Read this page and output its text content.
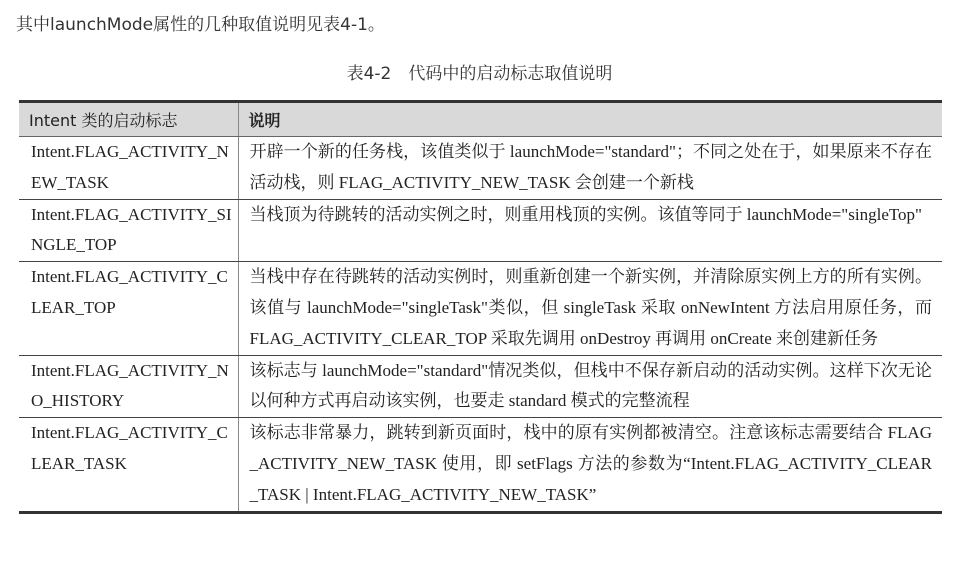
其中launchMode属性的几种取值说明见表4-1。
表4-2　代码中的启动标志取值说明
Intent 类的启动标志	说明
Intent.FLAG_ACTIVITY_NEW_TASK	开辟一个新的任务栈，该值类似于 launchMode="standard"；不同之处在于，如果原来不存在活动栈，则 FLAG_ACTIVITY_NEW_TASK 会创建一个新栈
Intent.FLAG_ACTIVITY_SINGLE_TOP	当栈顶为待跳转的活动实例之时，则重用栈顶的实例。该值等同于 launchMode="singleTop"
Intent.FLAG_ACTIVITY_CLEAR_TOP	当栈中存在待跳转的活动实例时，则重新创建一个新实例，并清除原实例上方的所有实例。该值与 launchMode="singleTask"类似，但 singleTask 采取 onNewIntent 方法启用原任务，而 FLAG_ACTIVITY_CLEAR_TOP 采取先调用 onDestroy 再调用 onCreate 来创建新任务
Intent.FLAG_ACTIVITY_NO_HISTORY	该标志与 launchMode="standard"情况类似，但栈中不保存新启动的活动实例。这样下次无论以何种方式再启动该实例，也要走 standard 模式的完整流程
Intent.FLAG_ACTIVITY_CLEAR_TASK	该标志非常暴力，跳转到新页面时，栈中的原有实例都被清空。注意该标志需要结合 FLAG_ACTIVITY_NEW_TASK 使用，即 setFlags 方法的参数为“Intent.FLAG_ACTIVITY_CLEAR_TASK | Intent.FLAG_ACTIVITY_NEW_TASK”
